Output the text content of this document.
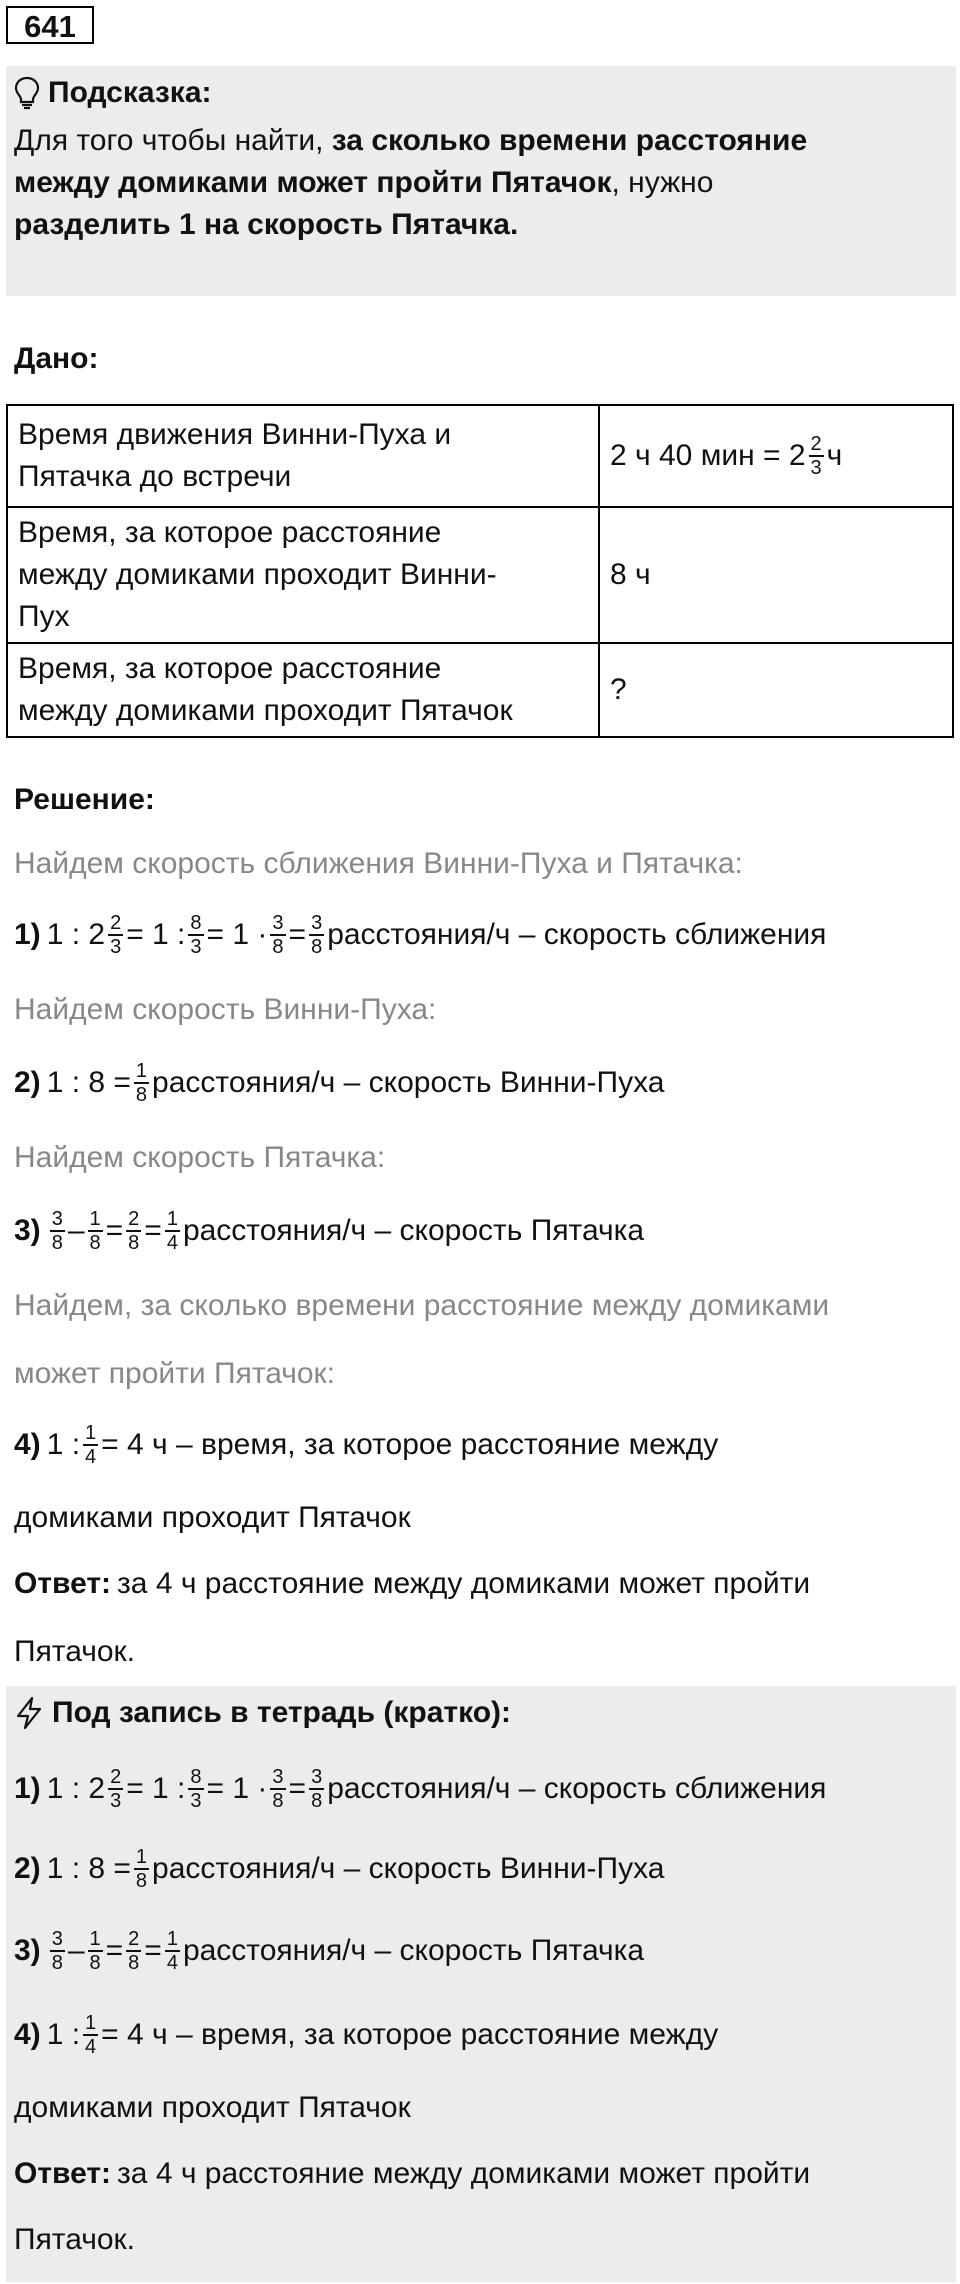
641
Подсказка:
Для того чтобы найти, за сколько времени расстояние
между домиками может пройти Пятачок, нужно
разделить 1 на скорость Пятачка.
Дано:
Время движения Винни-Пуха и
Пятачка до встречи	2 ч 40 мин = $2 \frac{2}{3}$ ч

Время, за которое расстояние
между домиками проходит Винни-
Пух	8 ч
Время, за которое расстояние
между домиками проходит Пятачок	?
Решение:
Найдем скорость сближения Винни-Пуха и Пятачка:
1) 1 : $2 \frac{2}{3} = 1$ : $\frac{8}{3} = 1 \cdot \frac{3}{8} = \frac{3}{8}$ расстояния/ч – скорость сближения
Найдем скорость Винни-Пуха:
2) 1 : $8 = \frac{1}{8}$ расстояния/ч – скорость Винни-Пуха
Найдем скорость Пятачка:
$3) \frac{3}{8} - \frac{1}{8} = \frac{2}{8} = \frac{1}{4}$ расстояния/ч – скорость Пятачка
Найдем, за сколько времени расстояние между домиками
может пройти Пятачок:
4) 1 : $\frac{1}{4} = 4$ ч – время, за которое расстояние между
домиками проходит Пятачок
Ответ: за 4 ч расстояние между домиками может пройти
Пятачок.
Под запись в тетрадь (кратко):
1) 1 : $2 \frac{2}{3} = 1$ : $\frac{8}{3} = 1 \cdot \frac{3}{8} = \frac{3}{8}$ расстояния/ч – скорость сближения
2) 1 : $8 = \frac{1}{8}$ расстояния/ч – скорость Винни-Пуха
$3) \frac{3}{8} - \frac{1}{8} = \frac{2}{8} = \frac{1}{4}$ расстояния/ч – скорость Пятачка
4) 1 : $\frac{1}{4} = 4$ ч – время, за которое расстояние между
домиками проходит Пятачок
Ответ: за 4 ч расстояние между домиками может пройти
Пятачок.
